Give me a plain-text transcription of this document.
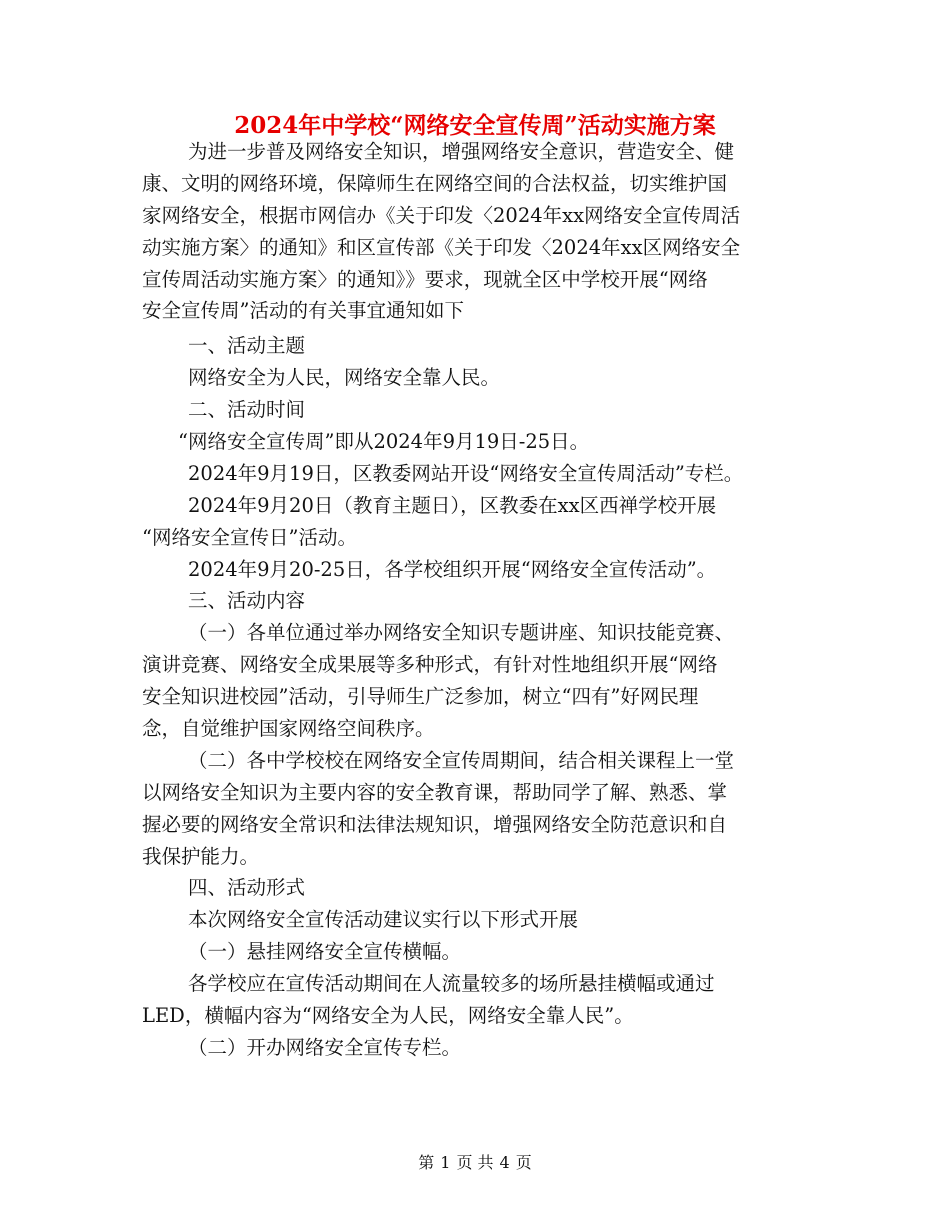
2024年中学校“网络安全宣传周”活动实施方案
为进一步普及网络安全知识，增强网络安全意识，营造安全、健
康、文明的网络环境，保障师生在网络空间的合法权益，切实维护国
家网络安全，根据市网信办《关于印发〈2024年xx网络安全宣传周活
动实施方案〉的通知》和区宣传部《关于印发〈2024年xx区网络安全
宣传周活动实施方案〉的通知》》要求，现就全区中学校开展“网络
安全宣传周”活动的有关事宜通知如下
一、活动主题
网络安全为人民，网络安全靠人民。
二、活动时间
“网络安全宣传周”即从2024年9月19日-25日。
2024年9月19日，区教委网站开设“网络安全宣传周活动”专栏。
2024年9月20日（教育主题日），区教委在xx区西禅学校开展
“网络安全宣传日”活动。
2024年9月20-25日，各学校组织开展“网络安全宣传活动”。
三、活动内容
（一）各单位通过举办网络安全知识专题讲座、知识技能竞赛、
演讲竞赛、网络安全成果展等多种形式，有针对性地组织开展“网络
安全知识进校园”活动，引导师生广泛参加，树立“四有”好网民理
念，自觉维护国家网络空间秩序。
（二）各中学校校在网络安全宣传周期间，结合相关课程上一堂
以网络安全知识为主要内容的安全教育课，帮助同学了解、熟悉、掌
握必要的网络安全常识和法律法规知识，增强网络安全防范意识和自
我保护能力。
四、活动形式
本次网络安全宣传活动建议实行以下形式开展
（一）悬挂网络安全宣传横幅。
各学校应在宣传活动期间在人流量较多的场所悬挂横幅或通过
LED，横幅内容为“网络安全为人民，网络安全靠人民”。
（二）开办网络安全宣传专栏。
第 1 页 共 4 页
